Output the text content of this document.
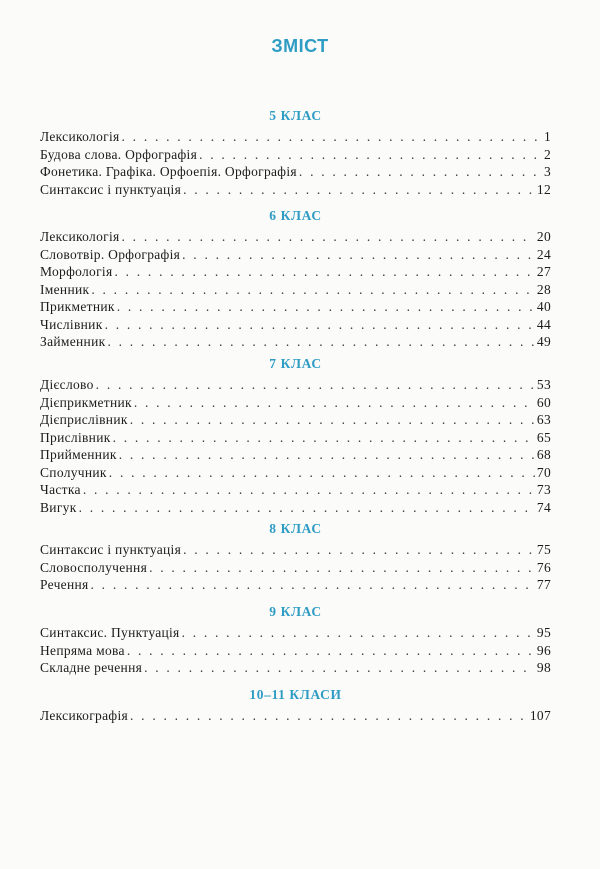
ЗМІСТ
5 КЛАС
Лексикологія . . .	1
Будова слова. Орфографія . . .	2
Фонетика. Графіка. Орфоепія. Орфографія . . .	3
Синтаксис і пунктуація . . .	12
6 КЛАС
Лексикологія . . .	20
Словотвір. Орфографія . . .	24
Морфологія . . .	27
Іменник . . .	28
Прикметник . . .	40
Числівник . . .	44
Займенник . . .	49
7 КЛАС
Дієслово . . .	53
Дієприкметник . . .	60
Дієприслівник . . .	63
Прислівник . . .	65
Прийменник . . .	68
Сполучник . . .	70
Частка . . .	73
Вигук . . .	74
8 КЛАС
Синтаксис і пунктуація . . .	75
Словосполучення . . .	76
Речення . . .	77
9 КЛАС
Синтаксис. Пунктуація . . .	95
Непряма мова . . .	96
Складне речення . . .	98
10–11 КЛАСИ
Лексикографія . . .	107
